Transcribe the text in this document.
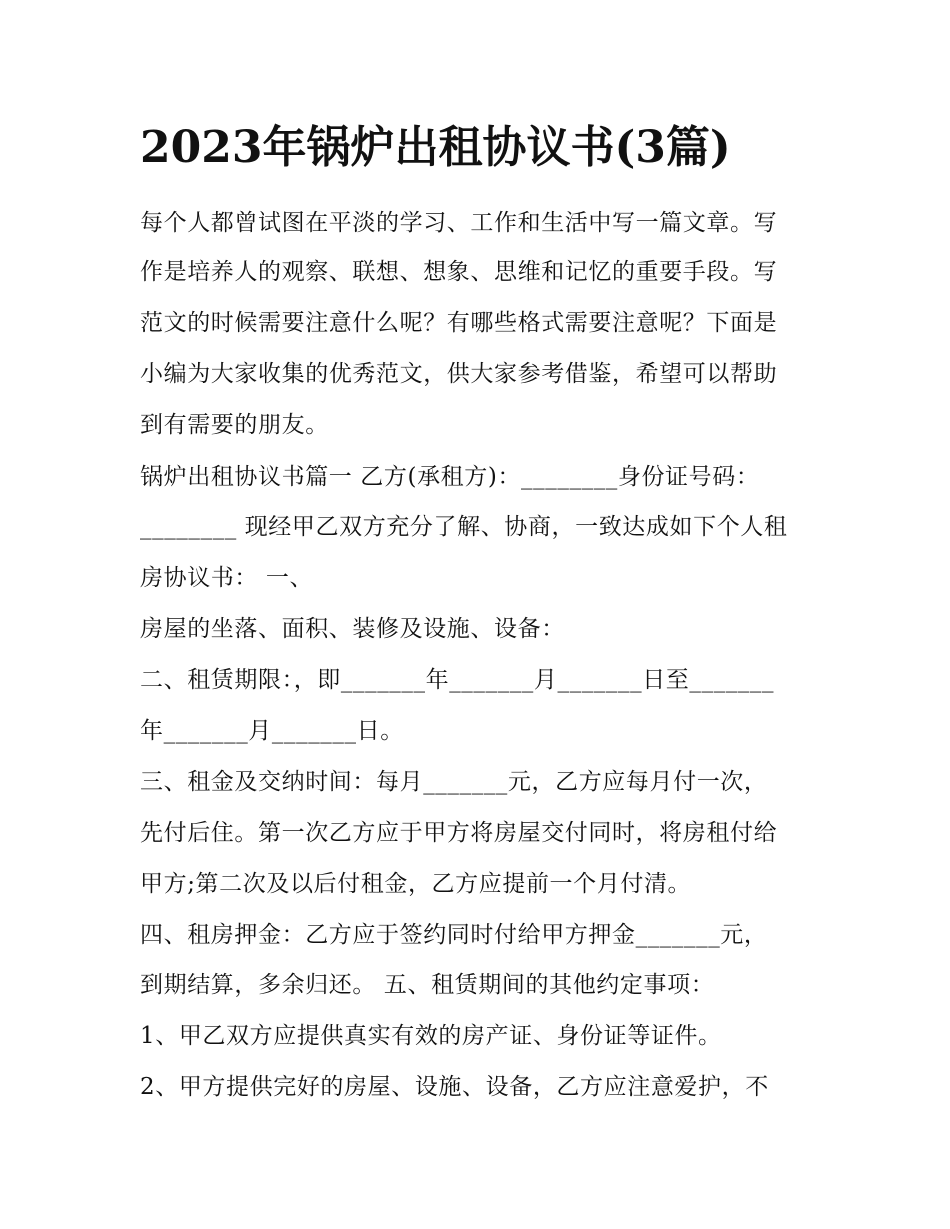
2023年锅炉出租协议书(3篇)

每个人都曾试图在平淡的学习、工作和生活中写一篇文章。写

作是培养人的观察、联想、想象、思维和记忆的重要手段。写

范文的时候需要注意什么呢？有哪些格式需要注意呢？下面是

小编为大家收集的优秀范文，供大家参考借鉴，希望可以帮助

到有需要的朋友。

锅炉出租协议书篇一 乙方(承租方)：________身份证号码：

________ 现经甲乙双方充分了解、协商，一致达成如下个人租

房协议书： 一、

房屋的坐落、面积、装修及设施、设备：

二、租赁期限：，即_______年_______月_______日至_______

年_______月_______日。

三、租金及交纳时间：每月_______元，乙方应每月付一次，

先付后住。第一次乙方应于甲方将房屋交付同时，将房租付给

甲方;第二次及以后付租金，乙方应提前一个月付清。

四、租房押金：乙方应于签约同时付给甲方押金_______元，

到期结算，多余归还。 五、租赁期间的其他约定事项：

1、甲乙双方应提供真实有效的房产证、身份证等证件。

2、甲方提供完好的房屋、设施、设备，乙方应注意爱护，不
